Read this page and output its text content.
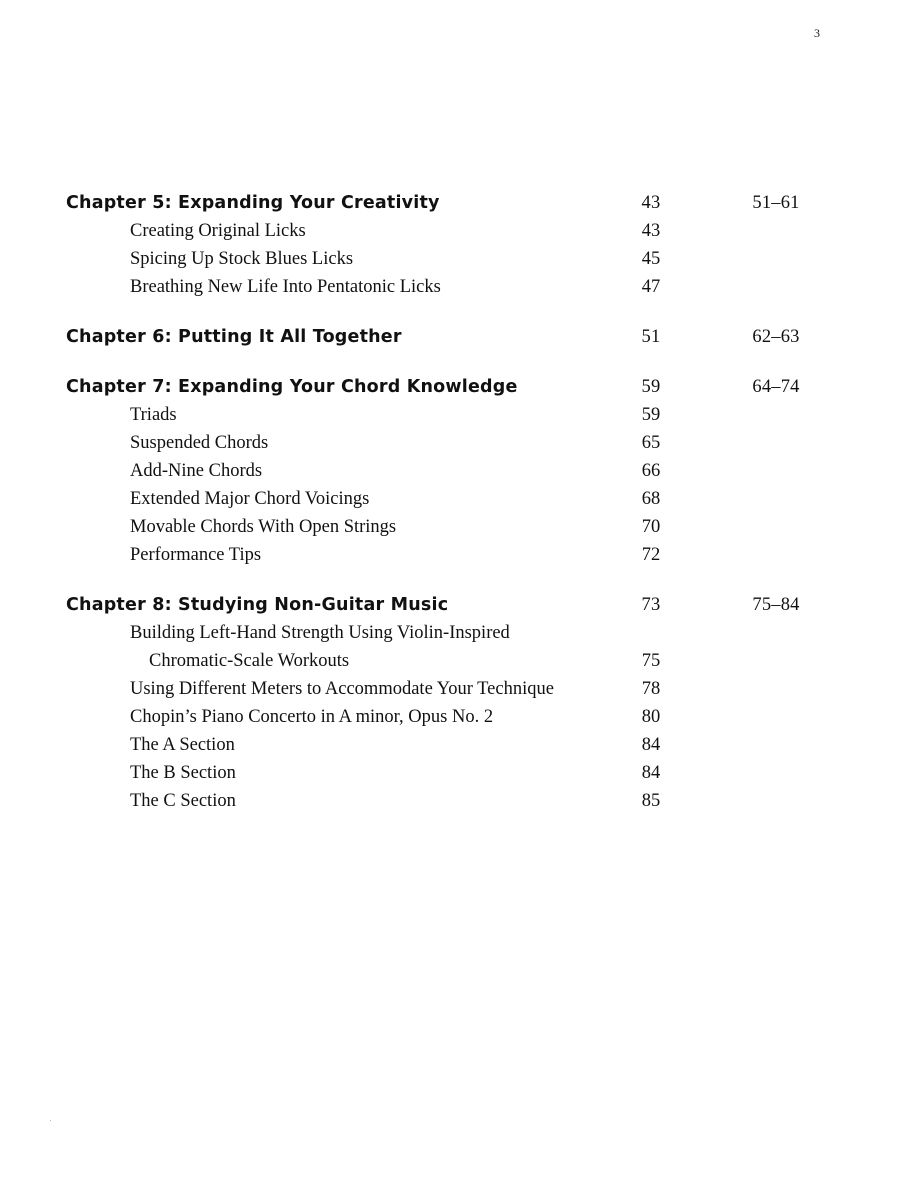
3
Chapter 5: Expanding Your Creativity	43	51–61
Creating Original Licks	43
Spicing Up Stock Blues Licks	45
Breathing New Life Into Pentatonic Licks	47
Chapter 6: Putting It All Together	51	62–63
Chapter 7: Expanding Your Chord Knowledge	59	64–74
Triads	59
Suspended Chords	65
Add-Nine Chords	66
Extended Major Chord Voicings	68
Movable Chords With Open Strings	70
Performance Tips	72
Chapter 8: Studying Non-Guitar Music	73	75–84
Building Left-Hand Strength Using Violin-Inspired
Chromatic-Scale Workouts	75
Using Different Meters to Accommodate Your Technique	78
Chopin’s Piano Concerto in A minor, Opus No. 2	80
The A Section	84
The B Section	84
The C Section	85
